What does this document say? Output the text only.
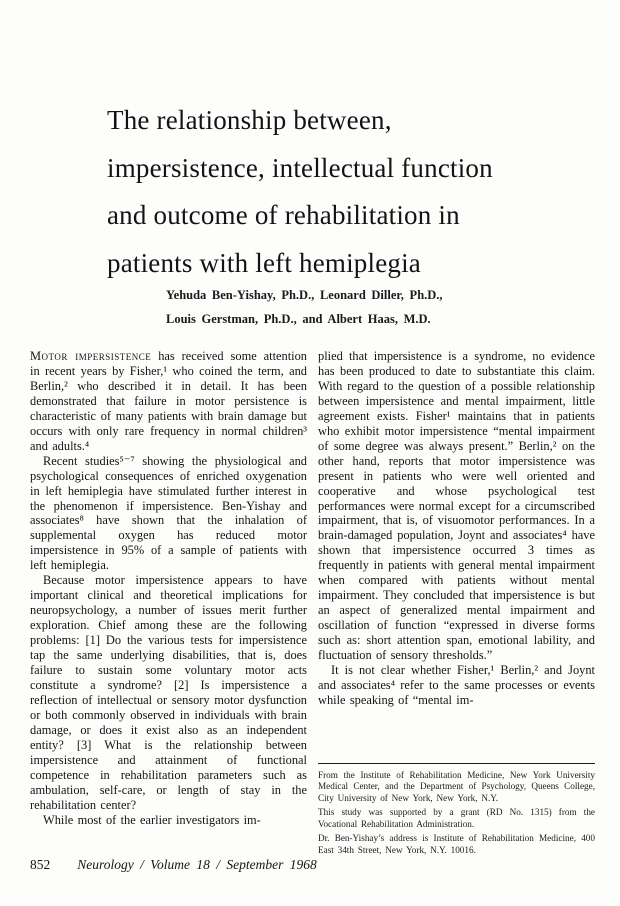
The relationship between,
impersistence, intellectual function
and outcome of rehabilitation in
patients with left hemiplegia
Yehuda Ben-Yishay, Ph.D., Leonard Diller, Ph.D.,
Louis Gerstman, Ph.D., and Albert Haas, M.D.

Motor impersistence has received some attention in recent years by Fisher,¹ who coined the term, and Berlin,² who described it in detail. It has been demonstrated that failure in motor persistence is characteristic of many patients with brain damage but occurs with only rare frequency in normal children³ and adults.⁴

Recent studies⁵⁻⁷ showing the physiological and psychological consequences of enriched oxygenation in left hemiplegia have stimulated further interest in the phenomenon if impersistence. Ben-Yishay and associates⁸ have shown that the inhalation of supplemental oxygen has reduced motor impersistence in 95% of a sample of patients with left hemiplegia.

Because motor impersistence appears to have important clinical and theoretical implications for neuropsychology, a number of issues merit further exploration. Chief among these are the following problems: [1] Do the various tests for impersistence tap the same underlying disabilities, that is, does failure to sustain some voluntary motor acts constitute a syndrome? [2] Is impersistence a reflection of intellectual or sensory motor dysfunction or both commonly observed in individuals with brain damage, or does it exist also as an independent entity? [3] What is the relationship between impersistence and attainment of functional competence in rehabilitation parameters such as ambulation, self-care, or length of stay in the rehabilitation center?

While most of the earlier investigators im-

plied that impersistence is a syndrome, no evidence has been produced to date to substantiate this claim. With regard to the question of a possible relationship between impersistence and mental impairment, little agreement exists. Fisher¹ maintains that in patients who exhibit motor impersistence “mental impairment of some degree was always present.” Berlin,² on the other hand, reports that motor impersistence was present in patients who were well oriented and cooperative and whose psychological test performances were normal except for a circumscribed impairment, that is, of visuomotor performances. In a brain-damaged population, Joynt and associates⁴ have shown that impersistence occurred 3 times as frequently in patients with general mental impairment when compared with patients without mental impairment. They concluded that impersistence is but an aspect of generalized mental impairment and oscillation of function “expressed in diverse forms such as: short attention span, emotional lability, and fluctuation of sensory thresholds.”

It is not clear whether Fisher,¹ Berlin,² and Joynt and associates⁴ refer to the same processes or events while speaking of “mental im-

From the Institute of Rehabilitation Medicine, New York University Medical Center, and the Department of Psychology, Queens College, City University of New York, New York, N.Y.

This study was supported by a grant (RD No. 1315) from the Vocational Rehabilitation Administration.

Dr. Ben-Yishay’s address is Institute of Rehabilitation Medicine, 400 East 34th Street, New York, N.Y. 10016.

852 Neurology / Volume 18 / September 1968
